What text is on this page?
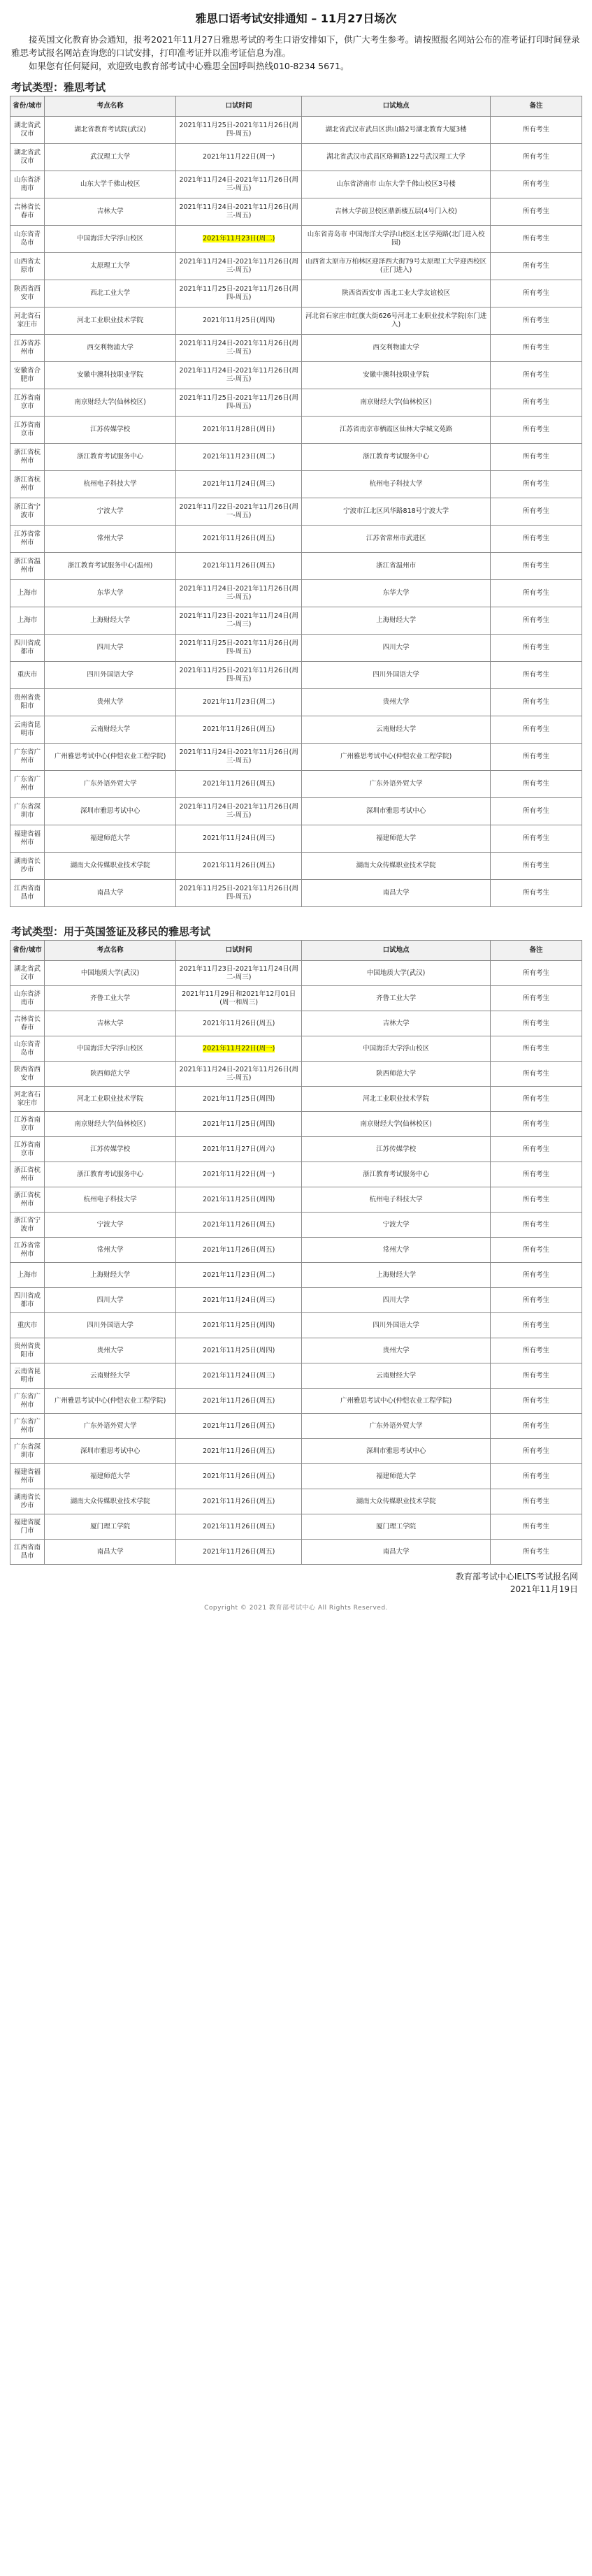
雅思口语考试安排通知 – 11月27日场次

接英国文化教育协会通知，报考2021年11月27日雅思考试的考生口语安排如下，供广大考生参考。请按照报名网站公布的准考证打印时间登录雅思考试报名网站查询您的口试安排，打印准考证并以准考证信息为准。

如果您有任何疑问，欢迎致电教育部考试中心雅思全国呼叫热线010-8234 5671。

考试类型：雅思考试
省份/城市	考点名称	口试时间	口试地点	备注
湖北省武汉市	湖北省教育考试院(武汉)	2021年11月25日-2021年11月26日(周四-周五)	湖北省武汉市武昌区洪山路2号湖北教育大厦3楼	所有考生
湖北省武汉市	武汉理工大学	2021年11月22日(周一)	湖北省武汉市武昌区珞狮路122号武汉理工大学	所有考生
山东省济南市	山东大学千佛山校区	2021年11月24日-2021年11月26日(周三-周五)	山东省济南市 山东大学千佛山校区3号楼	所有考生
吉林省长春市	吉林大学	2021年11月24日-2021年11月26日(周三-周五)	吉林大学前卫校区鼎新楼五层(4号门入校)	所有考生
山东省青岛市	中国海洋大学浮山校区	2021年11月23日(周二)	山东省青岛市 中国海洋大学浮山校区北区学苑路(北门进入校园)	所有考生
山西省太原市	太原理工大学	2021年11月24日-2021年11月26日(周三-周五)	山西省太原市万柏林区迎泽西大街79号太原理工大学迎西校区(正门进入)	所有考生
陕西省西安市	西北工业大学	2021年11月25日-2021年11月26日(周四-周五)	陕西省西安市 西北工业大学友谊校区	所有考生
河北省石家庄市	河北工业职业技术学院	2021年11月25日(周四)	河北省石家庄市红旗大街626号河北工业职业技术学院(东门进入)	所有考生
江苏省苏州市	西交利物浦大学	2021年11月24日-2021年11月26日(周三-周五)	西交利物浦大学	所有考生
安徽省合肥市	安徽中澳科技职业学院	2021年11月24日-2021年11月26日(周三-周五)	安徽中澳科技职业学院	所有考生
江苏省南京市	南京财经大学(仙林校区)	2021年11月25日-2021年11月26日(周四-周五)	南京财经大学(仙林校区)	所有考生
江苏省南京市	江苏传媒学校	2021年11月28日(周日)	江苏省南京市栖霞区仙林大学城文苑路	所有考生
浙江省杭州市	浙江教育考试服务中心	2021年11月23日(周二)	浙江教育考试服务中心	所有考生
浙江省杭州市	杭州电子科技大学	2021年11月24日(周三)	杭州电子科技大学	所有考生
浙江省宁波市	宁波大学	2021年11月22日-2021年11月26日(周一-周五)	宁波市江北区风华路818号宁波大学	所有考生
江苏省常州市	常州大学	2021年11月26日(周五)	江苏省常州市武进区	所有考生
浙江省温州市	浙江教育考试服务中心(温州)	2021年11月26日(周五)	浙江省温州市	所有考生
上海市	东华大学	2021年11月24日-2021年11月26日(周三-周五)	东华大学	所有考生
上海市	上海财经大学	2021年11月23日-2021年11月24日(周二-周三)	上海财经大学	所有考生
四川省成都市	四川大学	2021年11月25日-2021年11月26日(周四-周五)	四川大学	所有考生
重庆市	四川外国语大学	2021年11月25日-2021年11月26日(周四-周五)	四川外国语大学	所有考生
贵州省贵阳市	贵州大学	2021年11月23日(周二)	贵州大学	所有考生
云南省昆明市	云南财经大学	2021年11月26日(周五)	云南财经大学	所有考生
广东省广州市	广州雅思考试中心(仲恺农业工程学院)	2021年11月24日-2021年11月26日(周三-周五)	广州雅思考试中心(仲恺农业工程学院)	所有考生
广东省广州市	广东外语外贸大学	2021年11月26日(周五)	广东外语外贸大学	所有考生
广东省深圳市	深圳市雅思考试中心	2021年11月24日-2021年11月26日(周三-周五)	深圳市雅思考试中心	所有考生
福建省福州市	福建师范大学	2021年11月24日(周三)	福建师范大学	所有考生
湖南省长沙市	湖南大众传媒职业技术学院	2021年11月26日(周五)	湖南大众传媒职业技术学院	所有考生
江西省南昌市	南昌大学	2021年11月25日-2021年11月26日(周四-周五)	南昌大学	所有考生
考试类型：用于英国签证及移民的雅思考试
省份/城市	考点名称	口试时间	口试地点	备注
湖北省武汉市	中国地质大学(武汉)	2021年11月23日-2021年11月24日(周二-周三)	中国地质大学(武汉)	所有考生
山东省济南市	齐鲁工业大学	2021年11月29日和2021年12月01日(周一和周三)	齐鲁工业大学	所有考生
吉林省长春市	吉林大学	2021年11月26日(周五)	吉林大学	所有考生
山东省青岛市	中国海洋大学浮山校区	2021年11月22日(周一)	中国海洋大学浮山校区	所有考生
陕西省西安市	陕西师范大学	2021年11月24日-2021年11月26日(周三-周五)	陕西师范大学	所有考生
河北省石家庄市	河北工业职业技术学院	2021年11月25日(周四)	河北工业职业技术学院	所有考生
江苏省南京市	南京财经大学(仙林校区)	2021年11月25日(周四)	南京财经大学(仙林校区)	所有考生
江苏省南京市	江苏传媒学校	2021年11月27日(周六)	江苏传媒学校	所有考生
浙江省杭州市	浙江教育考试服务中心	2021年11月22日(周一)	浙江教育考试服务中心	所有考生
浙江省杭州市	杭州电子科技大学	2021年11月25日(周四)	杭州电子科技大学	所有考生
浙江省宁波市	宁波大学	2021年11月26日(周五)	宁波大学	所有考生
江苏省常州市	常州大学	2021年11月26日(周五)	常州大学	所有考生
上海市	上海财经大学	2021年11月23日(周二)	上海财经大学	所有考生
四川省成都市	四川大学	2021年11月24日(周三)	四川大学	所有考生
重庆市	四川外国语大学	2021年11月25日(周四)	四川外国语大学	所有考生
贵州省贵阳市	贵州大学	2021年11月25日(周四)	贵州大学	所有考生
云南省昆明市	云南财经大学	2021年11月24日(周三)	云南财经大学	所有考生
广东省广州市	广州雅思考试中心(仲恺农业工程学院)	2021年11月26日(周五)	广州雅思考试中心(仲恺农业工程学院)	所有考生
广东省广州市	广东外语外贸大学	2021年11月26日(周五)	广东外语外贸大学	所有考生
广东省深圳市	深圳市雅思考试中心	2021年11月26日(周五)	深圳市雅思考试中心	所有考生
福建省福州市	福建师范大学	2021年11月26日(周五)	福建师范大学	所有考生
湖南省长沙市	湖南大众传媒职业技术学院	2021年11月26日(周五)	湖南大众传媒职业技术学院	所有考生
福建省厦门市	厦门理工学院	2021年11月26日(周五)	厦门理工学院	所有考生
江西省南昌市	南昌大学	2021年11月26日(周五)	南昌大学	所有考生
教育部考试中心IELTS考试报名网
2021年11月19日
Copyright © 2021 教育部考试中心 All Rights Reserved.
